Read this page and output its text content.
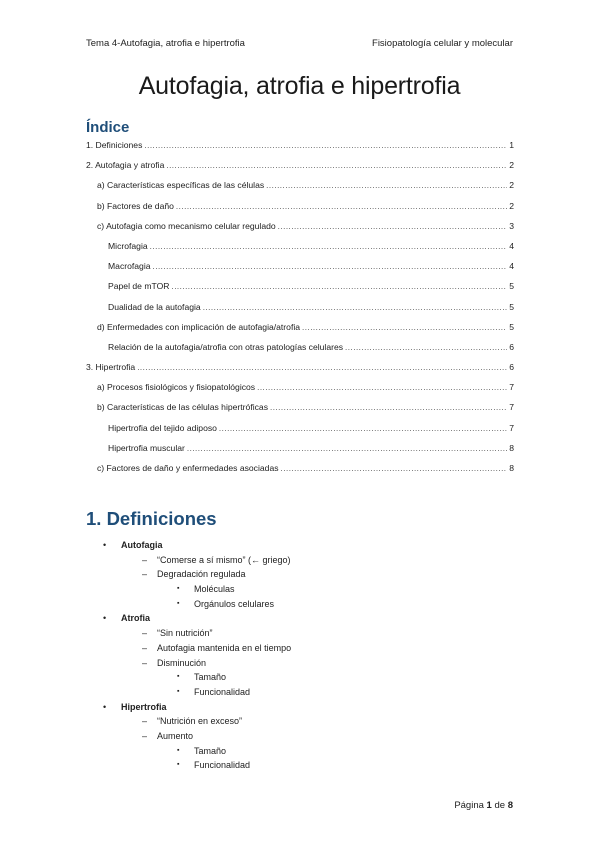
Tema 4-Autofagia, atrofia e hipertrofia	Fisiopatología celular y molecular
Autofagia, atrofia e hipertrofia
Índice
1. Definiciones .....	1
2. Autofagia y atrofia .....	2
a) Características específicas de las células .....	2
b) Factores de daño .....	2
c) Autofagia como mecanismo celular regulado .....	3
Microfagia .....	4
Macrofagia .....	4
Papel de mTOR .....	5
Dualidad de la autofagia .....	5
d) Enfermedades con implicación de autofagia/atrofia .....	5
Relación de la autofagia/atrofia con otras patologías celulares .....	6
3. Hipertrofia .....	6
a) Procesos fisiológicos y fisiopatológicos .....	7
b) Características de las células hipertróficas .....	7
Hipertrofia del tejido adiposo .....	7
Hipertrofia muscular .....	8
c) Factores de daño y enfermedades asociadas .....	8
1. Definiciones
• Autofagia
– “Comerse a sí mismo” (← griego)
– Degradación regulada
▪ Moléculas
▪ Orgánulos celulares
• Atrofia
– “Sin nutrición”
– Autofagia mantenida en el tiempo
– Disminución
▪ Tamaño
▪ Funcionalidad
• Hipertrofia
– “Nutrición en exceso”
– Aumento
▪ Tamaño
▪ Funcionalidad
Página 1 de 8
